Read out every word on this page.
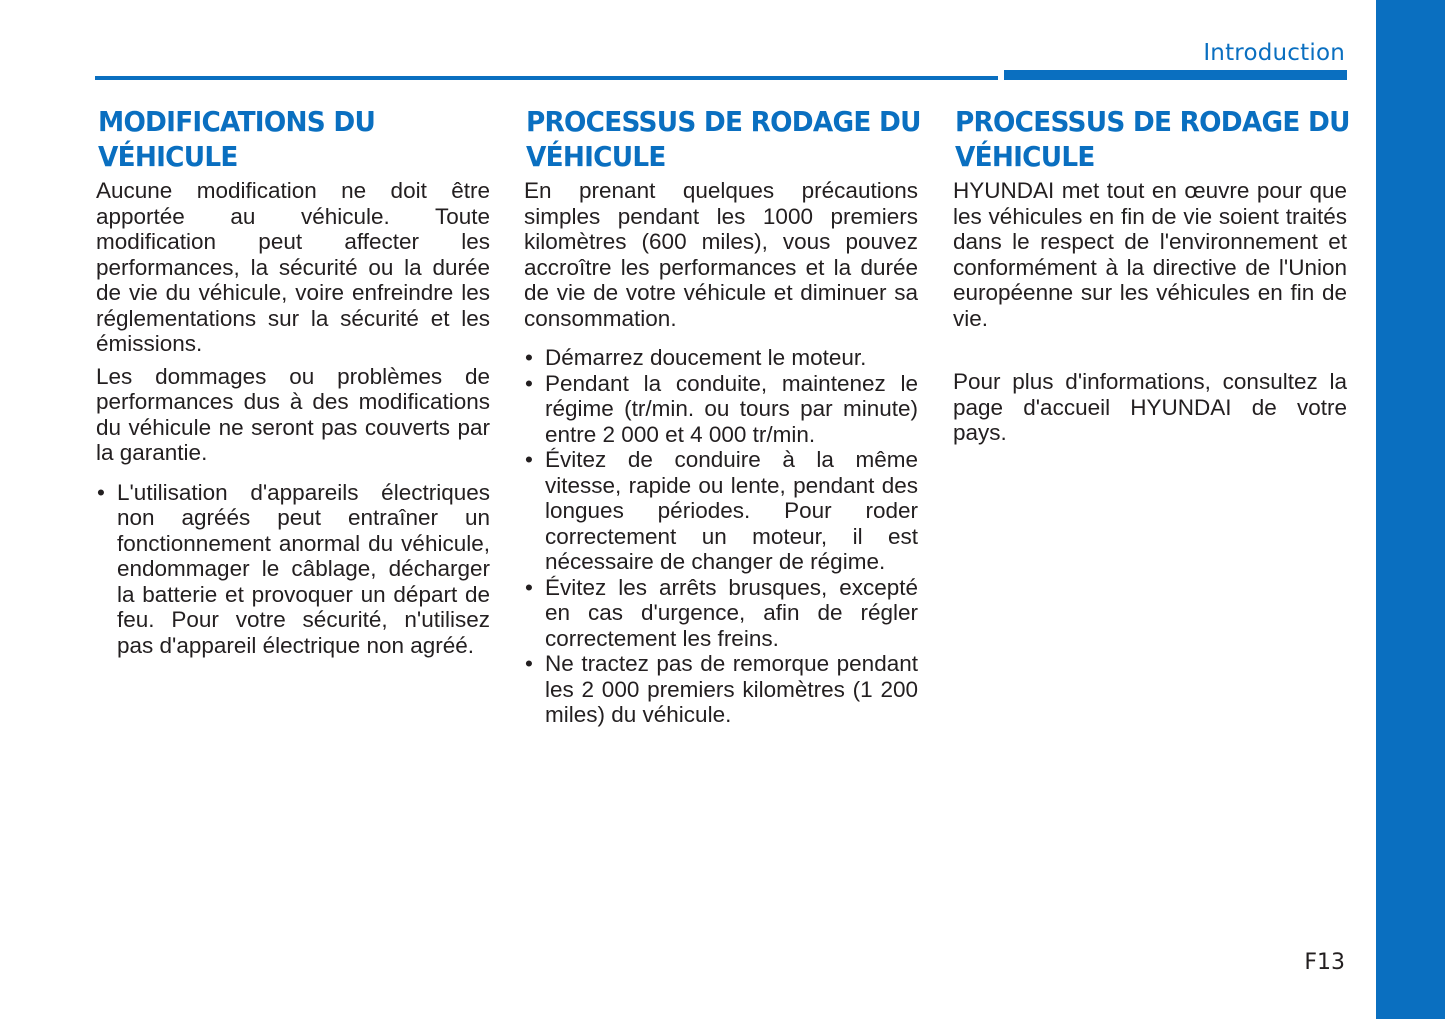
Introduction
MODIFICATIONS DU
VÉHICULE

Aucune modification ne doit être apportée au véhicule. Toute modification peut affecter les performances, la sécurité ou la durée de vie du véhicule, voire enfreindre les réglementations sur la sécurité et les émissions.

Les dommages ou problèmes de performances dus à des modifications du véhicule ne seront pas couverts par la garantie.

• L'utilisation d'appareils électriques non agréés peut entraîner un fonctionnement anormal du véhicule, endommager le câblage, décharger la batterie et provoquer un départ de feu. Pour votre sécurité, n'utilisez pas d'appareil électrique non agréé.
PROCESSUS DE RODAGE DU
VÉHICULE

En prenant quelques précautions simples pendant les 1000 premiers kilomètres (600 miles), vous pouvez accroître les performances et la durée de vie de votre véhicule et diminuer sa consommation.

• Démarrez doucement le moteur.
• Pendant la conduite, maintenez le régime (tr/min. ou tours par minute) entre 2 000 et 4 000 tr/min.
• Évitez de conduire à la même vitesse, rapide ou lente, pendant des longues périodes. Pour roder correctement un moteur, il est nécessaire de changer de régime.
• Évitez les arrêts brusques, excepté en cas d'urgence, afin de régler correctement les freins.
• Ne tractez pas de remorque pendant les 2 000 premiers kilomètres (1 200 miles) du véhicule.
PROCESSUS DE RODAGE DU
VÉHICULE

HYUNDAI met tout en œuvre pour que les véhicules en fin de vie soient traités dans le respect de l'environnement et conformément à la directive de l'Union européenne sur les véhicules en fin de vie.

Pour plus d'informations, consultez la page d'accueil HYUNDAI de votre pays.

F13
